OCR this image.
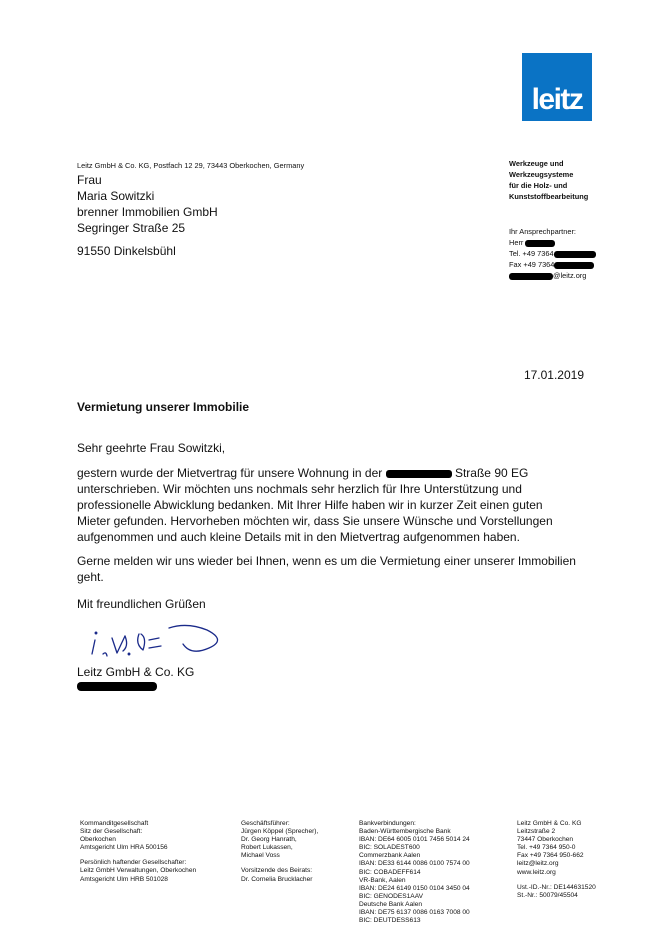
leitz
Leitz GmbH & Co. KG, Postfach 12 29, 73443 Oberkochen, Germany
Frau
Maria Sowitzki
brenner Immobilien GmbH
Segringer Straße 25
91550 Dinkelsbühl
Werkzeuge und
Werkzeugsysteme
für die Holz- und
Kunststoffbearbeitung
Ihr Ansprechpartner:
Herr
Tel. +49 7364
Fax +49 7364
@leitz.org
17.01.2019
Vermietung unserer Immobilie
Sehr geehrte Frau Sowitzki,
gestern wurde der Mietvertrag für unsere Wohnung in der	Straße 90 EG
unterschrieben. Wir möchten uns nochmals sehr herzlich für Ihre Unterstützung und
professionelle Abwicklung bedanken. Mit Ihrer Hilfe haben wir in kurzer Zeit einen guten
Mieter gefunden. Hervorheben möchten wir, dass Sie unsere Wünsche und Vorstellungen
aufgenommen und auch kleine Details mit in den Mietvertrag aufgenommen haben.
Gerne melden wir uns wieder bei Ihnen, wenn es um die Vermietung einer unserer Immobilien
geht.
Mit freundlichen Grüßen
Leitz GmbH & Co. KG
Kommanditgesellschaft
Sitz der Gesellschaft:
Oberkochen
Amtsgericht Ulm HRA 500156
Persönlich haftender Gesellschafter:
Leitz GmbH Verwaltungen, Oberkochen
Amtsgericht Ulm HRB 501028
Geschäftsführer:
Jürgen Köppel (Sprecher),
Dr. Georg Hanrath,
Robert Lukassen,
Michael Voss
Vorsitzende des Beirats:
Dr. Cornelia Brucklacher
Bankverbindungen:
Baden-Württembergische Bank
IBAN: DE64 6005 0101 7456 5014 24
BIC: SOLADEST600
Commerzbank Aalen
IBAN: DE33 6144 0086 0100 7574 00
BIC: COBADEFF614
VR-Bank, Aalen
IBAN: DE24 6149 0150 0104 3450 04
BIC: GENODES1AAV
Deutsche Bank Aalen
IBAN: DE75 6137 0086 0163 7008 00
BIC: DEUTDESS613
Leitz GmbH & Co. KG
Leitzstraße 2
73447 Oberkochen
Tel. +49 7364 950-0
Fax +49 7364 950-662
leitz@leitz.org
www.leitz.org
Ust.-ID.-Nr.: DE144631520
St.-Nr.: 50079/45504
